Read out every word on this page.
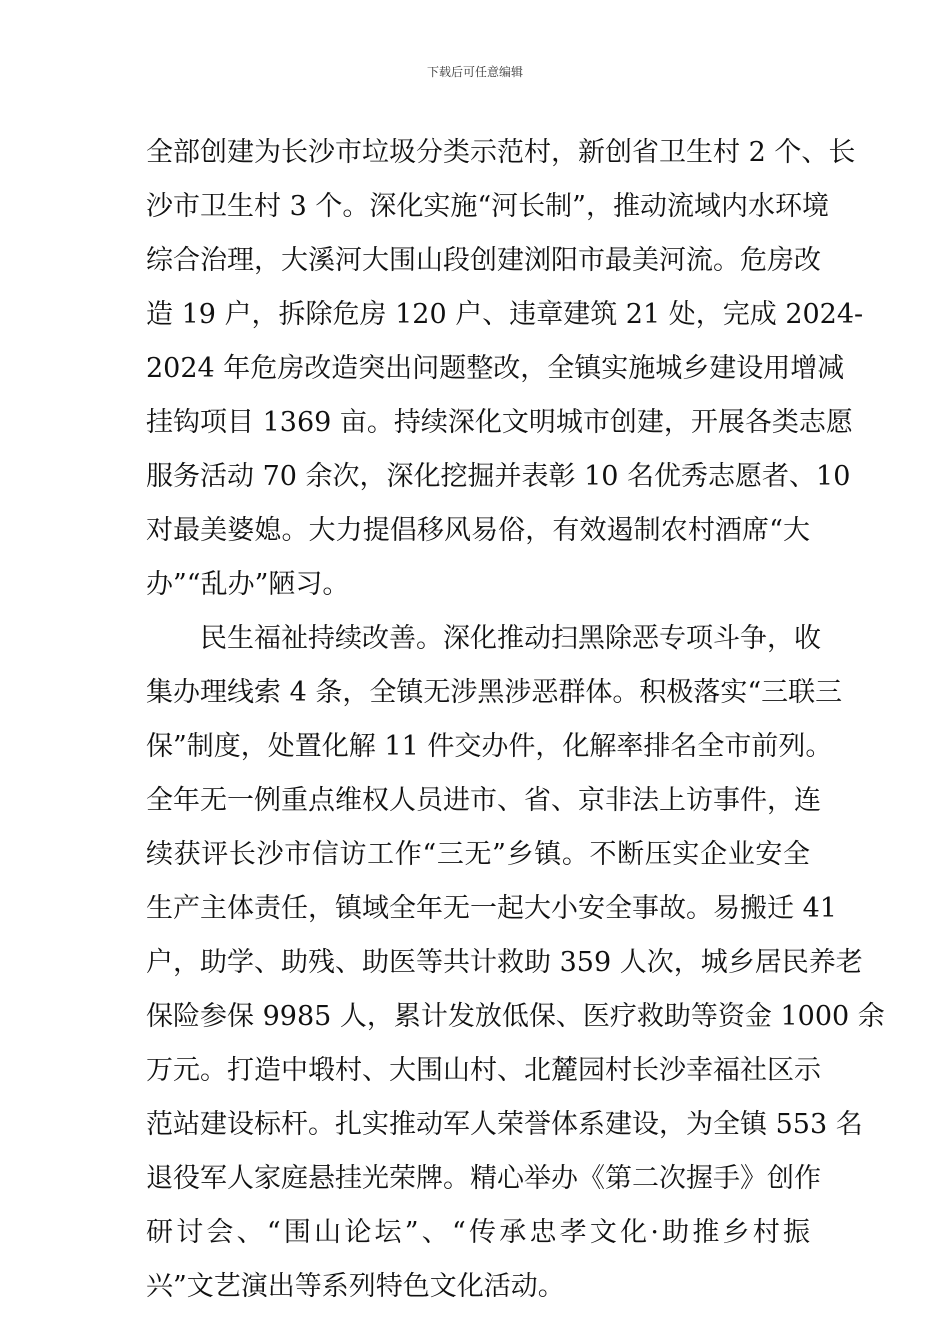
下载后可任意编辑
全部创建为长沙市垃圾分类示范村，新创省卫生村 2 个、长
沙市卫生村 3 个。深化实施“河长制”，推动流域内水环境
综合治理，大溪河大围山段创建浏阳市最美河流。危房改
造 19 户，拆除危房 120 户、违章建筑 21 处，完成 2024-
2024 年危房改造突出问题整改，全镇实施城乡建设用增减
挂钩项目 1369 亩。持续深化文明城市创建，开展各类志愿
服务活动 70 余次，深化挖掘并表彰 10 名优秀志愿者、10
对最美婆媳。大力提倡移风易俗，有效遏制农村酒席“大
办”“乱办”陋习。
民生福祉持续改善。深化推动扫黑除恶专项斗争，收
集办理线索 4 条，全镇无涉黑涉恶群体。积极落实“三联三
保”制度，处置化解 11 件交办件，化解率排名全市前列。
全年无一例重点维权人员进市、省、京非法上访事件，连
续获评长沙市信访工作“三无”乡镇。不断压实企业安全
生产主体责任，镇域全年无一起大小安全事故。易搬迁 41
户，助学、助残、助医等共计救助 359 人次，城乡居民养老
保险参保 9985 人，累计发放低保、医疗救助等资金 1000 余
万元。打造中塅村、大围山村、北麓园村长沙幸福社区示
范站建设标杆。扎实推动军人荣誉体系建设，为全镇 553 名
退役军人家庭悬挂光荣牌。精心举办《第二次握手》创作
研讨会、“围山论坛”、“传承忠孝文化·助推乡村振
兴”文艺演出等系列特色文化活动。
